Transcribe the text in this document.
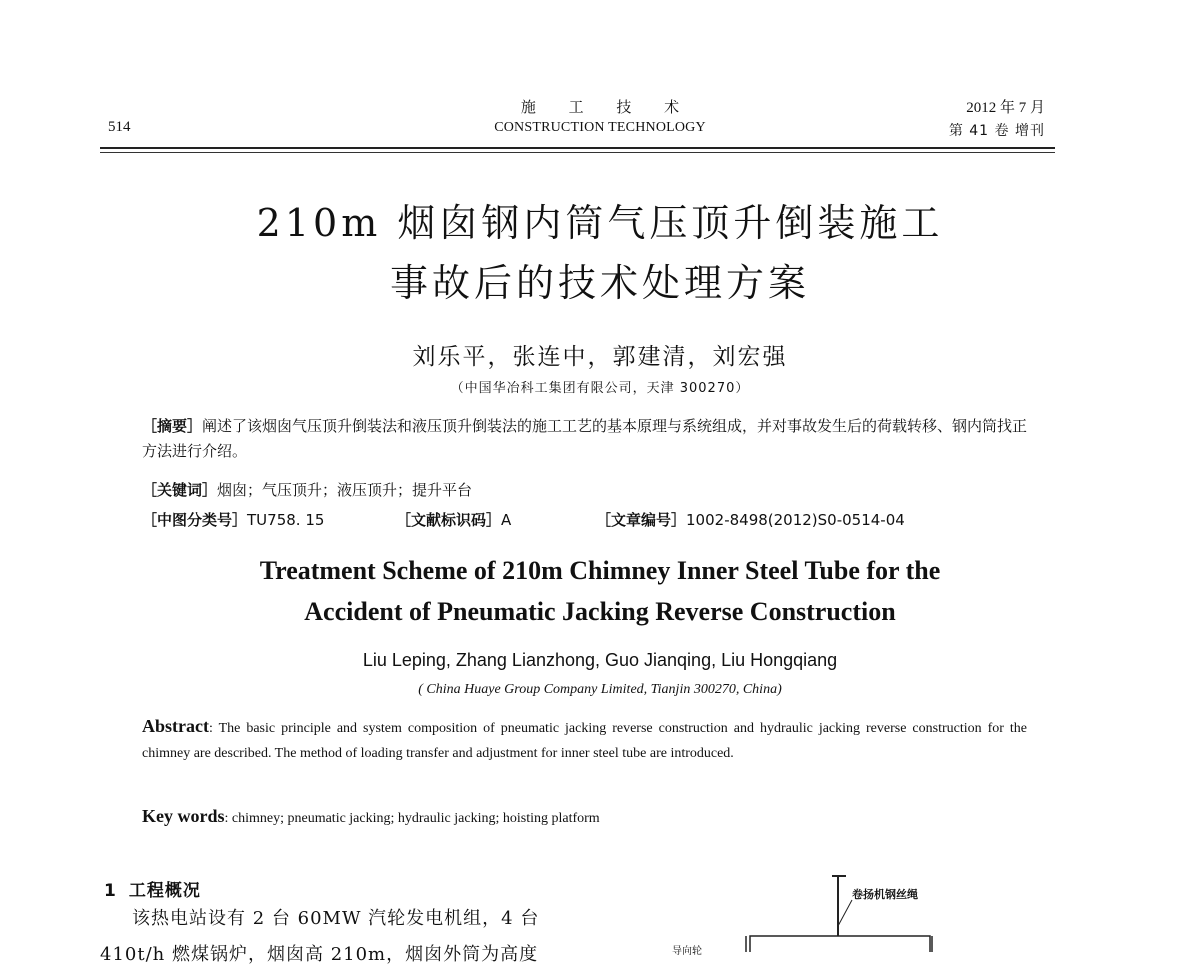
514
施 工 技 术
CONSTRUCTION TECHNOLOGY
2012 年 7 月
第 41 卷 增刊
210m 烟囱钢内筒气压顶升倒装施工
事故后的技术处理方案
刘乐平，张连中，郭建清，刘宏强
（中国华冶科工集团有限公司，天津 300270）
［摘要］阐述了该烟囱气压顶升倒装法和液压顶升倒装法的施工工艺的基本原理与系统组成，并对事故发生后的荷载转移、钢内筒找正方法进行介绍。
［关键词］烟囱；气压顶升；液压顶升；提升平台
［中图分类号］TU758. 15	［文献标识码］A	［文章编号］1002-8498(2012)S0-0514-04
Treatment Scheme of 210m Chimney Inner Steel Tube for the
Accident of Pneumatic Jacking Reverse Construction
Liu Leping, Zhang Lianzhong, Guo Jianqing, Liu Hongqiang
( China Huaye Group Company Limited, Tianjin 300270, China)
Abstract: The basic principle and system composition of pneumatic jacking reverse construction and hydraulic jacking reverse construction for the chimney are described. The method of loading transfer and adjustment for inner steel tube are introduced.
Key words: chimney; pneumatic jacking; hydraulic jacking; hoisting platform
1 工程概况
该热电站设有 2 台 60MW 汽轮发电机组，4 台
410t/h 燃煤锅炉，烟囱高 210m，烟囱外筒为高度
卷扬机钢丝绳
导向轮
